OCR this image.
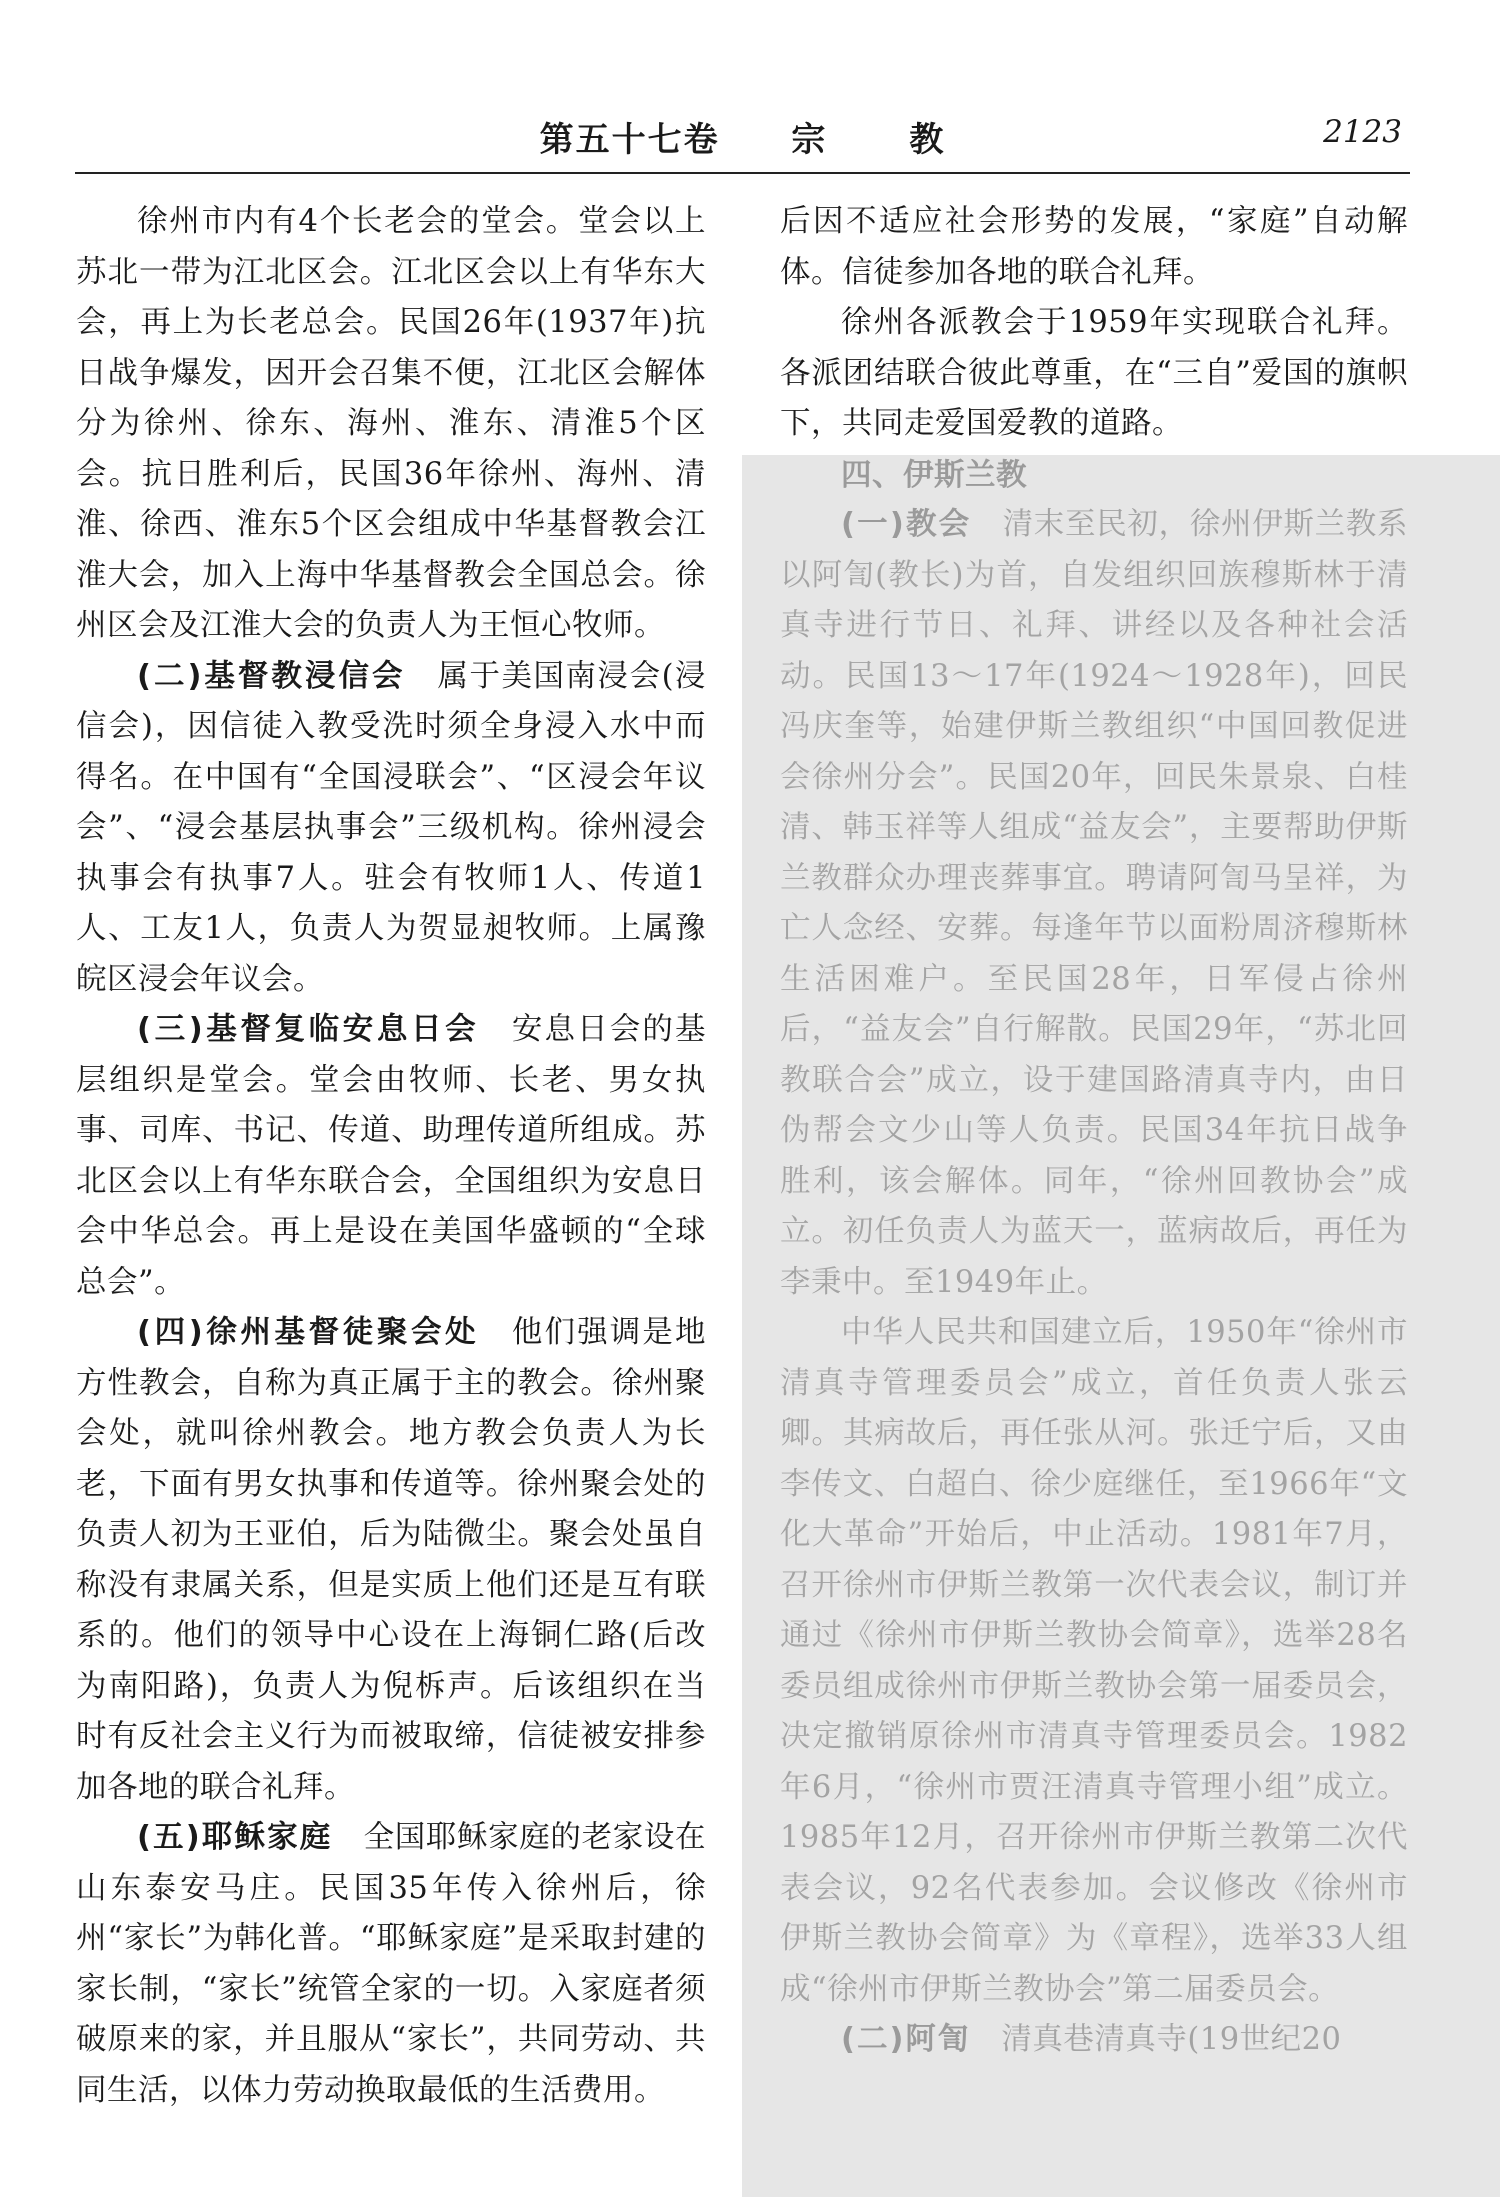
第五十七卷 宗 教	2123

徐州市内有4个长老会的堂会。堂会以上苏北一带为江北区会。江北区会以上有华东大会，再上为长老总会。民国26年(1937年)抗日战争爆发，因开会召集不便，江北区会解体分为徐州、徐东、海州、淮东、清淮5个区会。抗日胜利后，民国36年徐州、海州、清淮、徐西、淮东5个区会组成中华基督教会江淮大会，加入上海中华基督教会全国总会。徐州区会及江淮大会的负责人为王恒心牧师。

(二)基督教浸信会　 属于美国南浸会(浸信会)，因信徒入教受洗时须全身浸入水中而得名。在中国有“全国浸联会”、“区浸会年议会”、“浸会基层执事会”三级机构。徐州浸会执事会有执事7人。驻会有牧师1人、传道1人、工友1人，负责人为贺显昶牧师。上属豫皖区浸会年议会。

(三)基督复临安息日会　 安息日会的基层组织是堂会。堂会由牧师、长老、男女执事、司库、书记、传道、助理传道所组成。苏北区会以上有华东联合会，全国组织为安息日会中华总会。再上是设在美国华盛顿的“全球总会”。

(四)徐州基督徒聚会处　 他们强调是地方性教会，自称为真正属于主的教会。徐州聚会处，就叫徐州教会。地方教会负责人为长老，下面有男女执事和传道等。徐州聚会处的负责人初为王亚伯，后为陆微尘。聚会处虽自称没有隶属关系，但是实质上他们还是互有联系的。他们的领导中心设在上海铜仁路(后改为南阳路)，负责人为倪柝声。后该组织在当时有反社会主义行为而被取缔，信徒被安排参加各地的联合礼拜。

(五)耶稣家庭　 全国耶稣家庭的老家设在山东泰安马庄。民国35年传入徐州后，徐州“家长”为韩化普。“耶稣家庭”是采取封建的家长制，“家长”统管全家的一切。入家庭者须破原来的家，并且服从“家长”，共同劳动、共同生活，以体力劳动换取最低的生活费用。

后因不适应社会形势的发展，“家庭”自动解体。信徒参加各地的联合礼拜。

徐州各派教会于1959年实现联合礼拜。各派团结联合彼此尊重，在“三自”爱国的旗帜下，共同走爱国爱教的道路。

四、伊斯兰教

(一)教会　 清末至民初，徐州伊斯兰教系以阿訇(教长)为首，自发组织回族穆斯林于清真寺进行节日、礼拜、讲经以及各种社会活动。民国13～17年(1924～1928年)，回民冯庆奎等，始建伊斯兰教组织“中国回教促进会徐州分会”。民国20年，回民朱景泉、白桂清、韩玉祥等人组成“益友会”，主要帮助伊斯兰教群众办理丧葬事宜。聘请阿訇马呈祥，为亡人念经、安葬。每逢年节以面粉周济穆斯林生活困难户。至民国28年，日军侵占徐州后，“益友会”自行解散。民国29年，“苏北回教联合会”成立，设于建国路清真寺内，由日伪帮会文少山等人负责。民国34年抗日战争胜利，该会解体。同年，“徐州回教协会”成立。初任负责人为蓝天一，蓝病故后，再任为李秉中。至1949年止。

中华人民共和国建立后，1950年“徐州市清真寺管理委员会”成立，首任负责人张云卿。其病故后，再任张从河。张迁宁后，又由李传文、白超白、徐少庭继任，至1966年“文化大革命”开始后，中止活动。1981年7月，召开徐州市伊斯兰教第一次代表会议，制订并通过《徐州市伊斯兰教协会简章》，选举28名委员组成徐州市伊斯兰教协会第一届委员会，决定撤销原徐州市清真寺管理委员会。1982年6月，“徐州市贾汪清真寺管理小组”成立。1985年12月，召开徐州市伊斯兰教第二次代表会议，92名代表参加。会议修改《徐州市伊斯兰教协会简章》为《章程》，选举33人组成“徐州市伊斯兰教协会”第二届委员会。

(二)阿訇　 清真巷清真寺(19世纪20
